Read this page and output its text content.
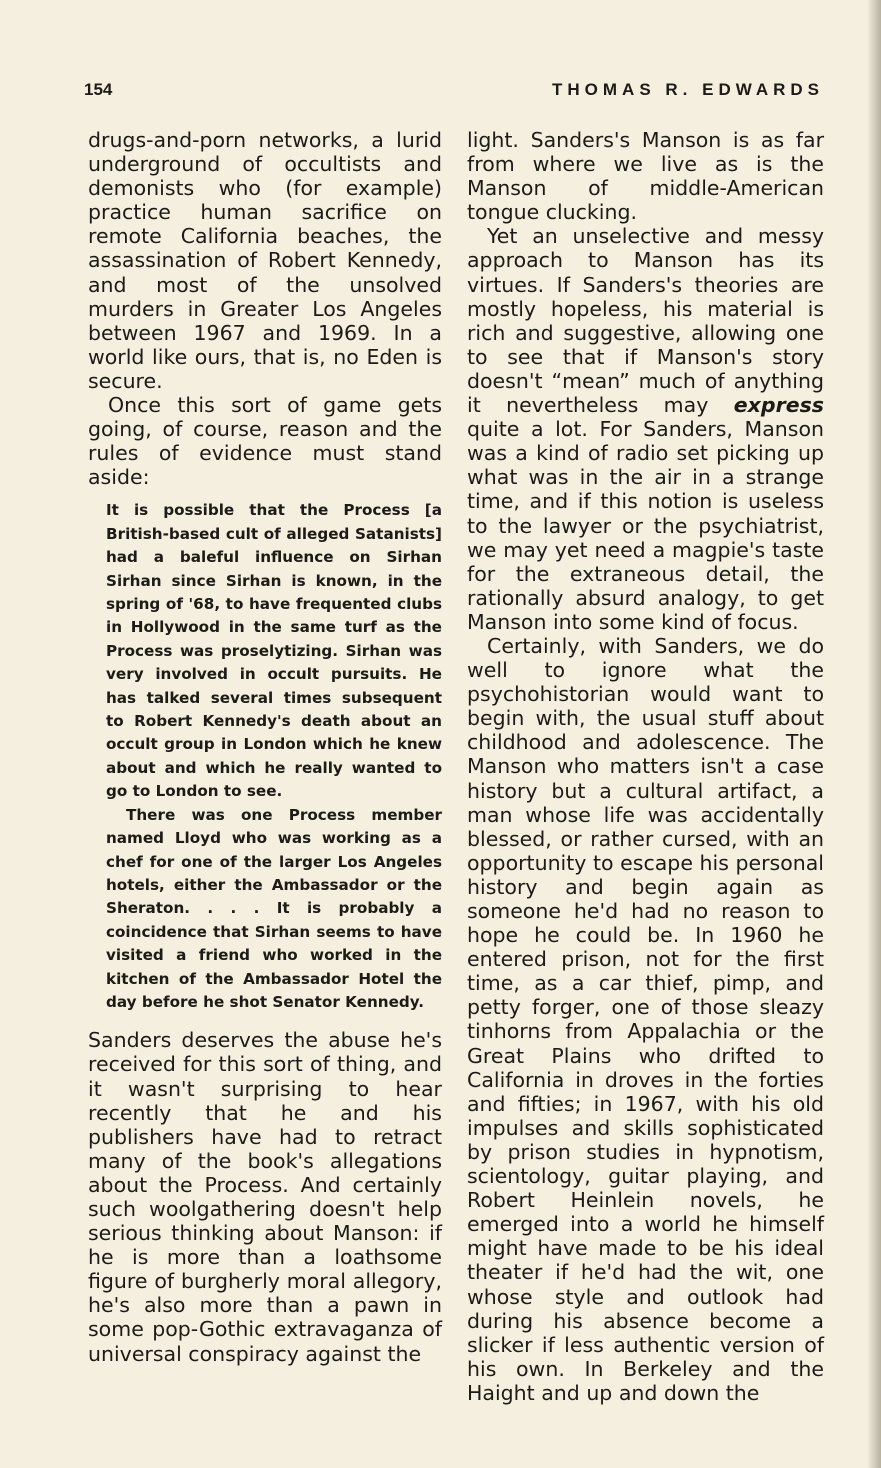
154	THOMAS R. EDWARDS

drugs-and-porn networks, a lurid underground of occultists and demonists who (for example) practice human sacrifice on remote California beaches, the assassination of Robert Kennedy, and most of the unsolved murders in Greater Los Angeles between 1967 and 1969. In a world like ours, that is, no Eden is secure.

Once this sort of game gets going, of course, reason and the rules of evidence must stand aside:

It is possible that the Process [a British-based cult of alleged Satanists] had a baleful influence on Sirhan Sirhan since Sirhan is known, in the spring of '68, to have frequented clubs in Hollywood in the same turf as the Process was proselytizing. Sirhan was very involved in occult pursuits. He has talked several times subsequent to Robert Kennedy's death about an occult group in London which he knew about and which he really wanted to go to London to see.

There was one Process member named Lloyd who was working as a chef for one of the larger Los Angeles hotels, either the Ambassador or the Sheraton. . . . It is probably a coincidence that Sirhan seems to have visited a friend who worked in the kitchen of the Ambassador Hotel the day before he shot Senator Kennedy.

Sanders deserves the abuse he's received for this sort of thing, and it wasn't surprising to hear recently that he and his publishers have had to retract many of the book's allegations about the Process. And certainly such woolgathering doesn't help serious thinking about Manson: if he is more than a loathsome figure of burgherly moral allegory, he's also more than a pawn in some pop-Gothic extravaganza of universal conspiracy against the

light. Sanders's Manson is as far from where we live as is the Manson of middle-American tongue clucking.

Yet an unselective and messy approach to Manson has its virtues. If Sanders's theories are mostly hopeless, his material is rich and suggestive, allowing one to see that if Manson's story doesn't “mean” much of anything it nevertheless may express quite a lot. For Sanders, Manson was a kind of radio set picking up what was in the air in a strange time, and if this notion is useless to the lawyer or the psychiatrist, we may yet need a magpie's taste for the extraneous detail, the rationally absurd analogy, to get Manson into some kind of focus.

Certainly, with Sanders, we do well to ignore what the psychohistorian would want to begin with, the usual stuff about childhood and adolescence. The Manson who matters isn't a case history but a cultural artifact, a man whose life was accidentally blessed, or rather cursed, with an opportunity to escape his personal history and begin again as someone he'd had no reason to hope he could be. In 1960 he entered prison, not for the first time, as a car thief, pimp, and petty forger, one of those sleazy tinhorns from Appalachia or the Great Plains who drifted to California in droves in the forties and fifties; in 1967, with his old impulses and skills sophisticated by prison studies in hypnotism, scientology, guitar playing, and Robert Heinlein novels, he emerged into a world he himself might have made to be his ideal theater if he'd had the wit, one whose style and outlook had during his absence become a slicker if less authentic version of his own. In Berkeley and the Haight and up and down the
